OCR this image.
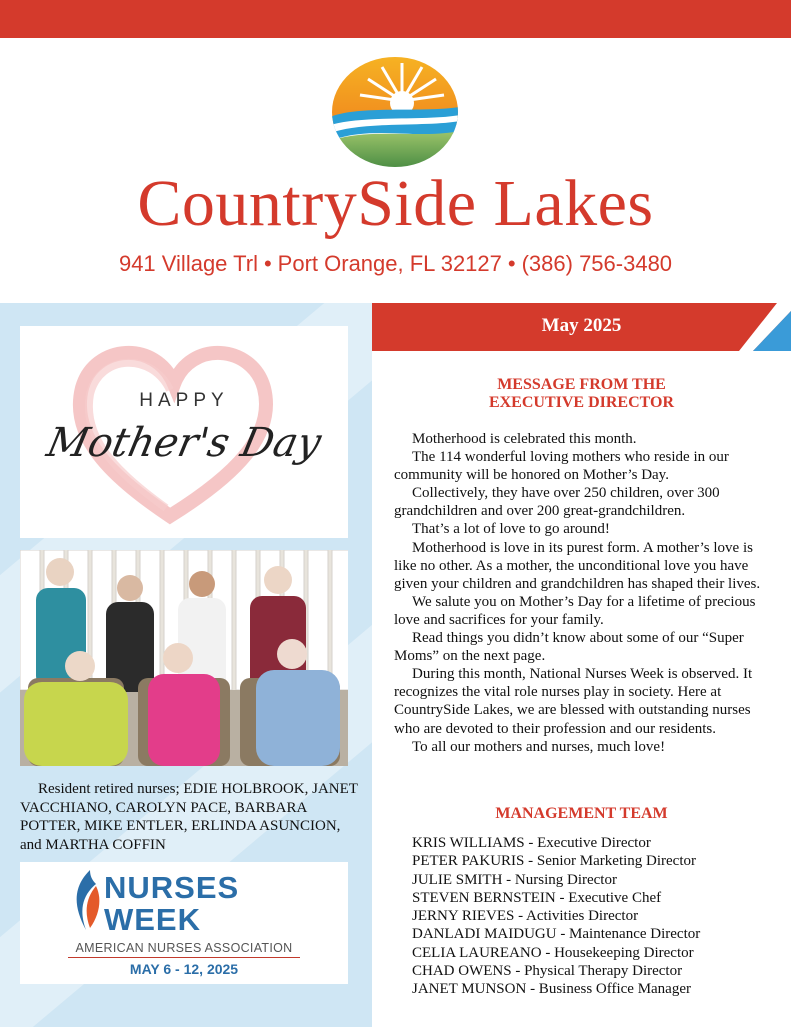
CountrySide Lakes
941 Village Trl • Port Orange, FL 32127 • (386) 756-3480
HAPPY
Mother's Day
Resident retired nurses; EDIE HOLBROOK, JANET VACCHIANO, CAROLYN PACE, BARBARA POTTER, MIKE ENTLER, ERLINDA ASUNCION, and MARTHA COFFIN
NURSES
WEEK
AMERICAN NURSES ASSOCIATION
MAY 6 - 12, 2025
May 2025
MESSAGE FROM THE
EXECUTIVE DIRECTOR

Motherhood is celebrated this month.

The 114 wonderful loving mothers who reside in our community will be honored on Mother’s Day.

Collectively, they have over 250 children, over 300 grandchildren and over 200 great-grandchildren.

That’s a lot of love to go around!

Motherhood is love in its purest form. A mother’s love is like no other. As a mother, the unconditional love you have given your children and grandchildren has shaped their lives.

We salute you on Mother’s Day for a lifetime of precious love and sacrifices for your family.

Read things you didn’t know about some of our “Super Moms” on the next page.

During this month, National Nurses Week is observed. It recognizes the vital role nurses play in society. Here at CountrySide Lakes, we are blessed with outstanding nurses who are devoted to their profession and our residents.

To all our mothers and nurses, much love!

MANAGEMENT TEAM
KRIS WILLIAMS - Executive Director
PETER PAKURIS - Senior Marketing Director
JULIE SMITH - Nursing Director
STEVEN BERNSTEIN - Executive Chef
JERNY RIEVES - Activities Director
DANLADI MAIDUGU - Maintenance Director
CELIA LAUREANO - Housekeeping Director
CHAD OWENS - Physical Therapy Director
JANET MUNSON - Business Office Manager
